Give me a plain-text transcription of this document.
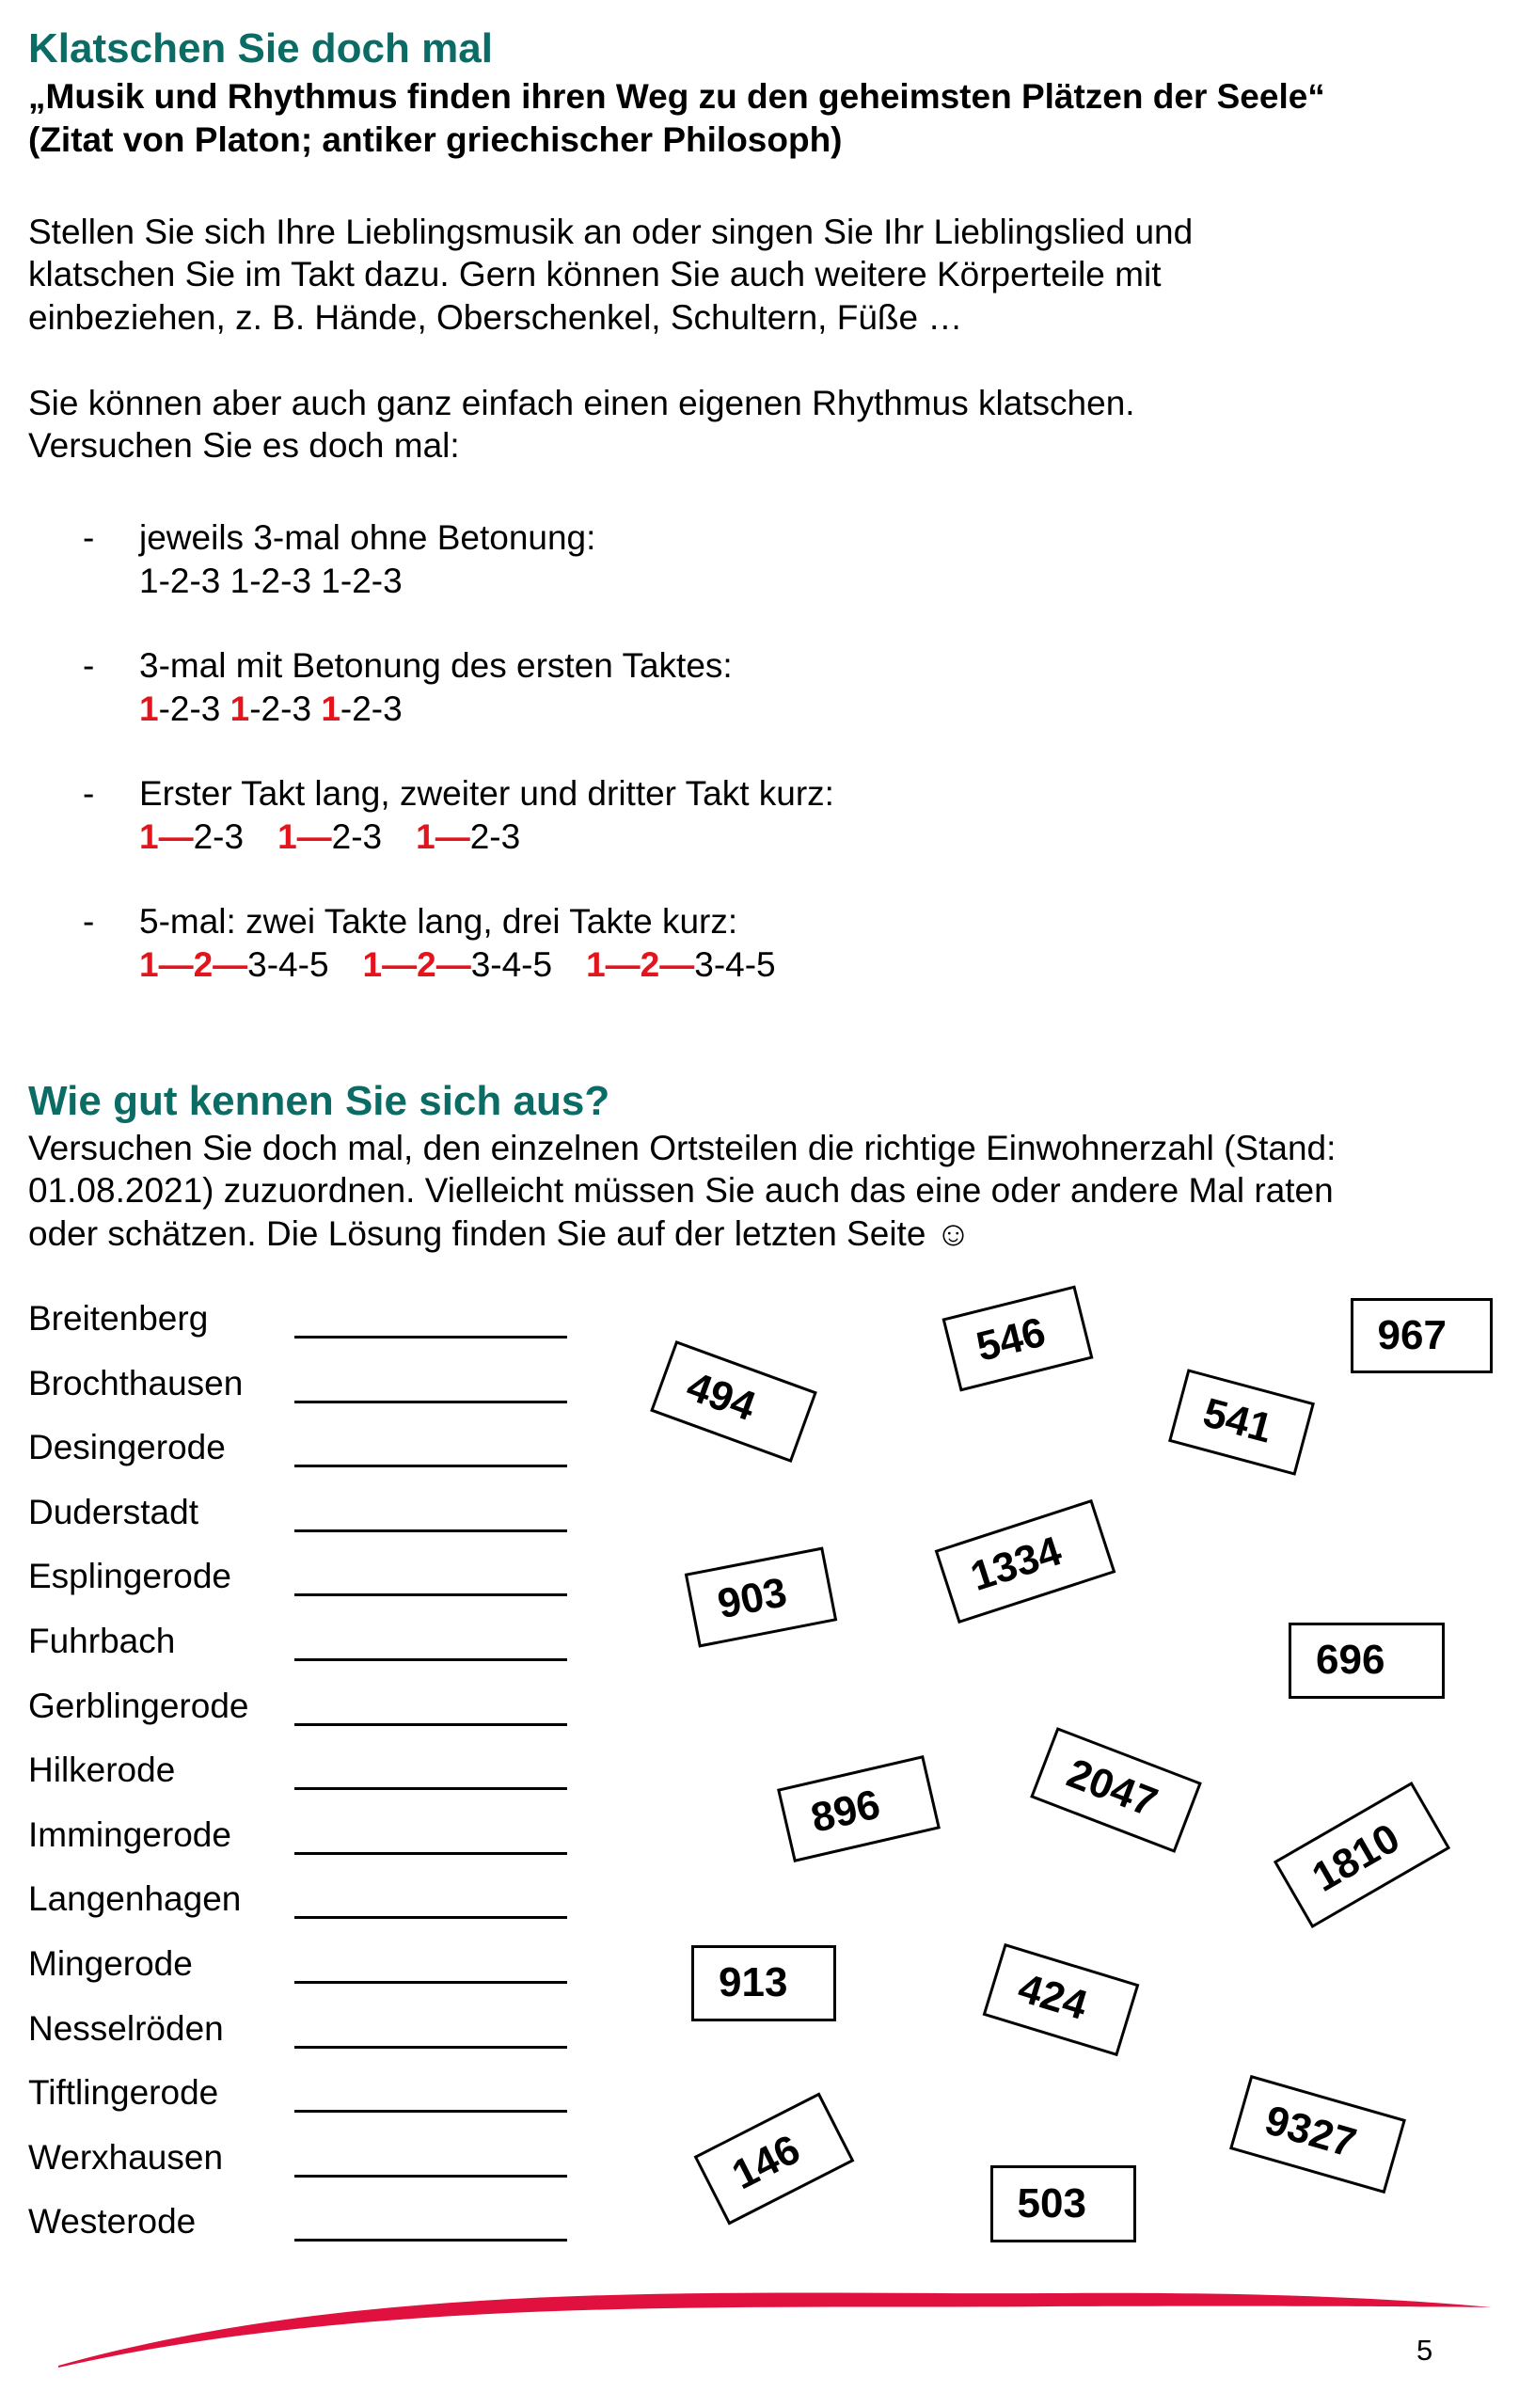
Klatschen Sie doch mal
„Musik und Rhythmus finden ihren Weg zu den geheimsten Plätzen der Seele“
(Zitat von Platon; antiker griechischer Philosoph)
Stellen Sie sich Ihre Lieblingsmusik an oder singen Sie Ihr Lieblingslied und
klatschen Sie im Takt dazu. Gern können Sie auch weitere Körperteile mit
einbeziehen, z. B. Hände, Oberschenkel, Schultern, Füße …
Sie können aber auch ganz einfach einen eigenen Rhythmus klatschen.
Versuchen Sie es doch mal:
- jeweils 3-mal ohne Betonung:
1-2-3 1-2-3 1-2-3
- 3-mal mit Betonung des ersten Taktes:
1-2-3 1-2-3 1-2-3
- Erster Takt lang, zweiter und dritter Takt kurz:
1—2-3 1—2-3 1—2-3
- 5-mal: zwei Takte lang, drei Takte kurz:
1—2—3-4-5 1—2—3-4-5 1—2—3-4-5
Wie gut kennen Sie sich aus?
Versuchen Sie doch mal, den einzelnen Ortsteilen die richtige Einwohnerzahl (Stand:
01.08.2021) zuzuordnen. Vielleicht müssen Sie auch das eine oder andere Mal raten
oder schätzen. Die Lösung finden Sie auf der letzten Seite ☺
Breitenberg
Brochthausen
Desingerode
Duderstadt
Esplingerode
Fuhrbach
Gerblingerode
Hilkerode
Immingerode
Langenhagen
Mingerode
Nesselröden
Tiftlingerode
Werxhausen
Westerode
494
546	967
541
903	1334
696
896	2047
1810
913	424
146	9327
503
5
